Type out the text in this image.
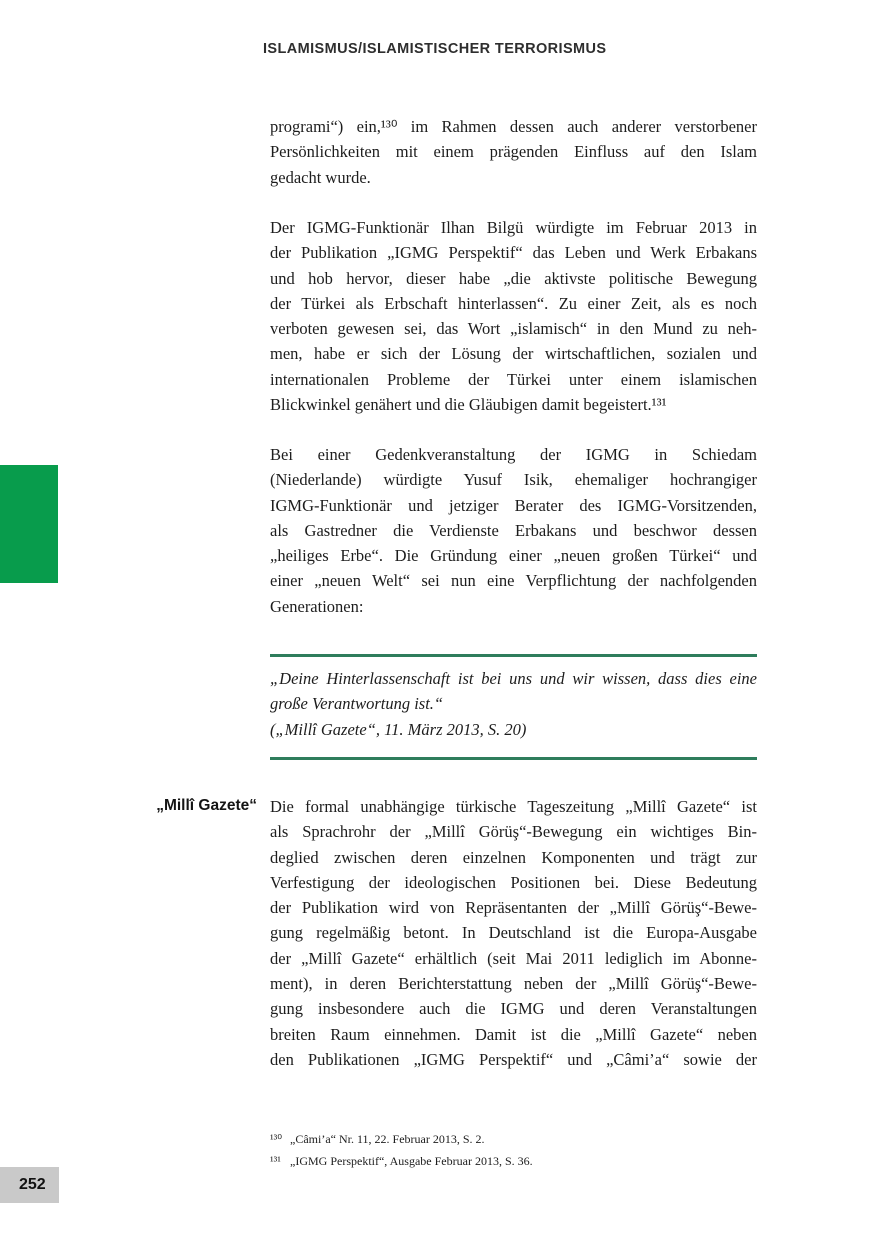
ISLAMISMUS/ISLAMISTISCHER TERRORISMUS
programi“) ein,¹³⁰ im Rahmen dessen auch anderer verstorbener
Persönlichkeiten mit einem prägenden Einfluss auf den Islam
gedacht wurde.
Der IGMG-Funktionär Ilhan Bilgü würdigte im Februar 2013 in
der Publikation „IGMG Perspektif“ das Leben und Werk Erbakans
und hob hervor, dieser habe „die aktivste politische Bewegung
der Türkei als Erbschaft hinterlassen“. Zu einer Zeit, als es noch
verboten gewesen sei, das Wort „islamisch“ in den Mund zu neh-
men, habe er sich der Lösung der wirtschaftlichen, sozialen und
internationalen Probleme der Türkei unter einem islamischen
Blickwinkel genähert und die Gläubigen damit begeistert.¹³¹
Bei einer Gedenkveranstaltung der IGMG in Schiedam
(Niederlande) würdigte Yusuf Isik, ehemaliger hochrangiger
IGMG-Funktionär und jetziger Berater des IGMG-Vorsitzenden,
als Gastredner die Verdienste Erbakans und beschwor dessen
„heiliges Erbe“. Die Gründung einer „neuen großen Türkei“ und
einer „neuen Welt“ sei nun eine Verpflichtung der nachfolgenden
Generationen:
„Deine Hinterlassenschaft ist bei uns und wir wissen, dass dies eine
große Verantwortung ist.“
(„Millî Gazete“, 11. März 2013, S. 20)
„Millî Gazete“ Die formal unabhängige türkische Tageszeitung „Millî Gazete“ ist
als Sprachrohr der „Millî Görüş“-Bewegung ein wichtiges Bin-
deglied zwischen deren einzelnen Komponenten und trägt zur
Verfestigung der ideologischen Positionen bei. Diese Bedeutung
der Publikation wird von Repräsentanten der „Millî Görüş“-Bewe-
gung regelmäßig betont. In Deutschland ist die Europa-Ausgabe
der „Millî Gazete“ erhältlich (seit Mai 2011 lediglich im Abonne-
ment), in deren Berichterstattung neben der „Millî Görüş“-Bewe-
gung insbesondere auch die IGMG und deren Veranstaltungen
breiten Raum einnehmen. Damit ist die „Millî Gazete“ neben
den Publikationen „IGMG Perspektif“ und „Câmi’a“ sowie der
¹³⁰ „Câmi’a“ Nr. 11, 22. Februar 2013, S. 2.
¹³¹ „IGMG Perspektif“, Ausgabe Februar 2013, S. 36.
252
